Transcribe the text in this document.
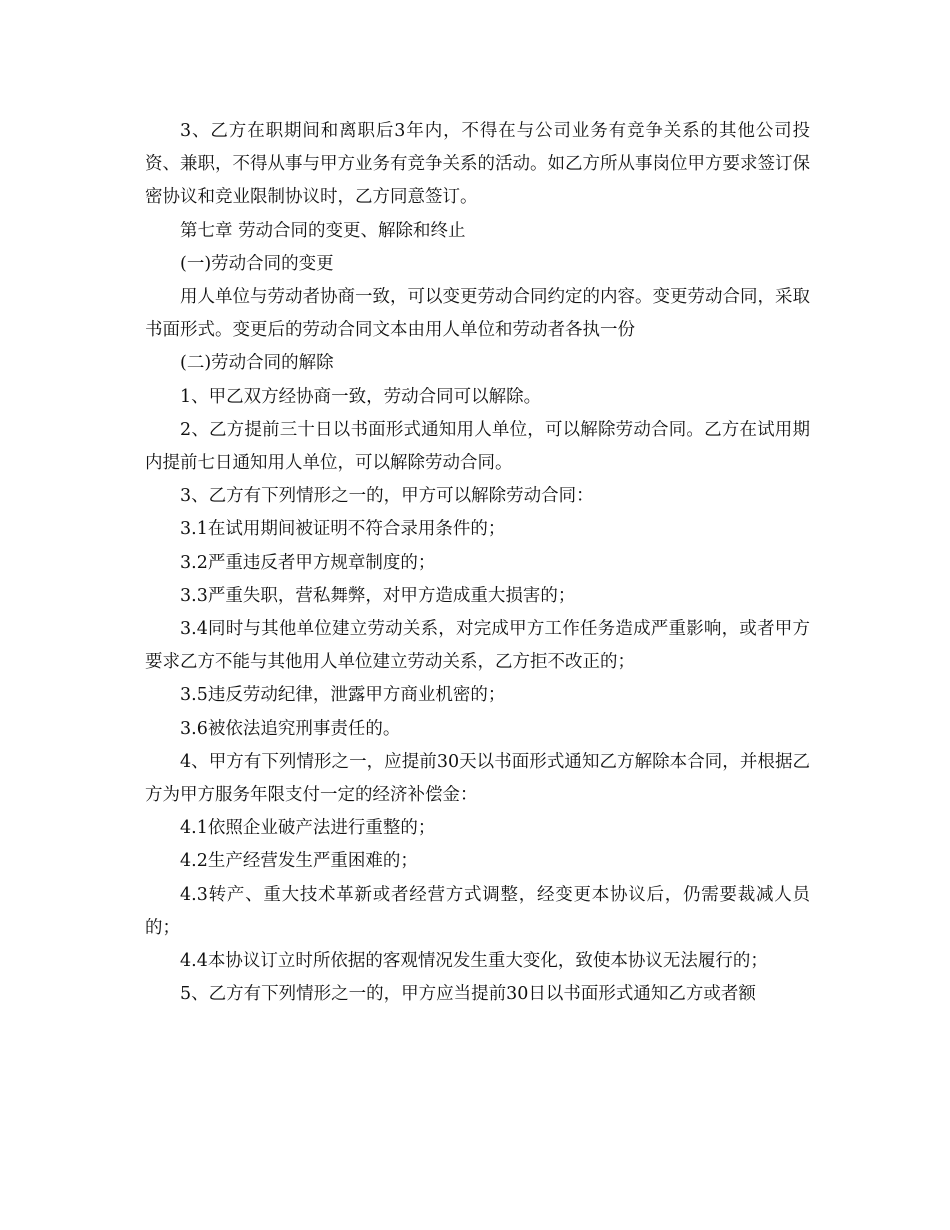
3、乙方在职期间和离职后3年内，不得在与公司业务有竞争关系的其他公司投资、兼职，不得从事与甲方业务有竞争关系的活动。如乙方所从事岗位甲方要求签订保密协议和竞业限制协议时，乙方同意签订。

第七章 劳动合同的变更、解除和终止

(一)劳动合同的变更

用人单位与劳动者协商一致，可以变更劳动合同约定的内容。变更劳动合同，采取书面形式。变更后的劳动合同文本由用人单位和劳动者各执一份

(二)劳动合同的解除

1、甲乙双方经协商一致，劳动合同可以解除。

2、乙方提前三十日以书面形式通知用人单位，可以解除劳动合同。乙方在试用期内提前七日通知用人单位，可以解除劳动合同。

3、乙方有下列情形之一的，甲方可以解除劳动合同：

3.1在试用期间被证明不符合录用条件的；

3.2严重违反者甲方规章制度的；

3.3严重失职，营私舞弊，对甲方造成重大损害的；

3.4同时与其他单位建立劳动关系，对完成甲方工作任务造成严重影响，或者甲方要求乙方不能与其他用人单位建立劳动关系，乙方拒不改正的；

3.5违反劳动纪律，泄露甲方商业机密的；

3.6被依法追究刑事责任的。

4、甲方有下列情形之一，应提前30天以书面形式通知乙方解除本合同，并根据乙方为甲方服务年限支付一定的经济补偿金：

4.1依照企业破产法进行重整的；

4.2生产经营发生严重困难的；

4.3转产、重大技术革新或者经营方式调整，经变更本协议后，仍需要裁减人员的；

4.4本协议订立时所依据的客观情况发生重大变化，致使本协议无法履行的；

5、乙方有下列情形之一的，甲方应当提前30日以书面形式通知乙方或者额
